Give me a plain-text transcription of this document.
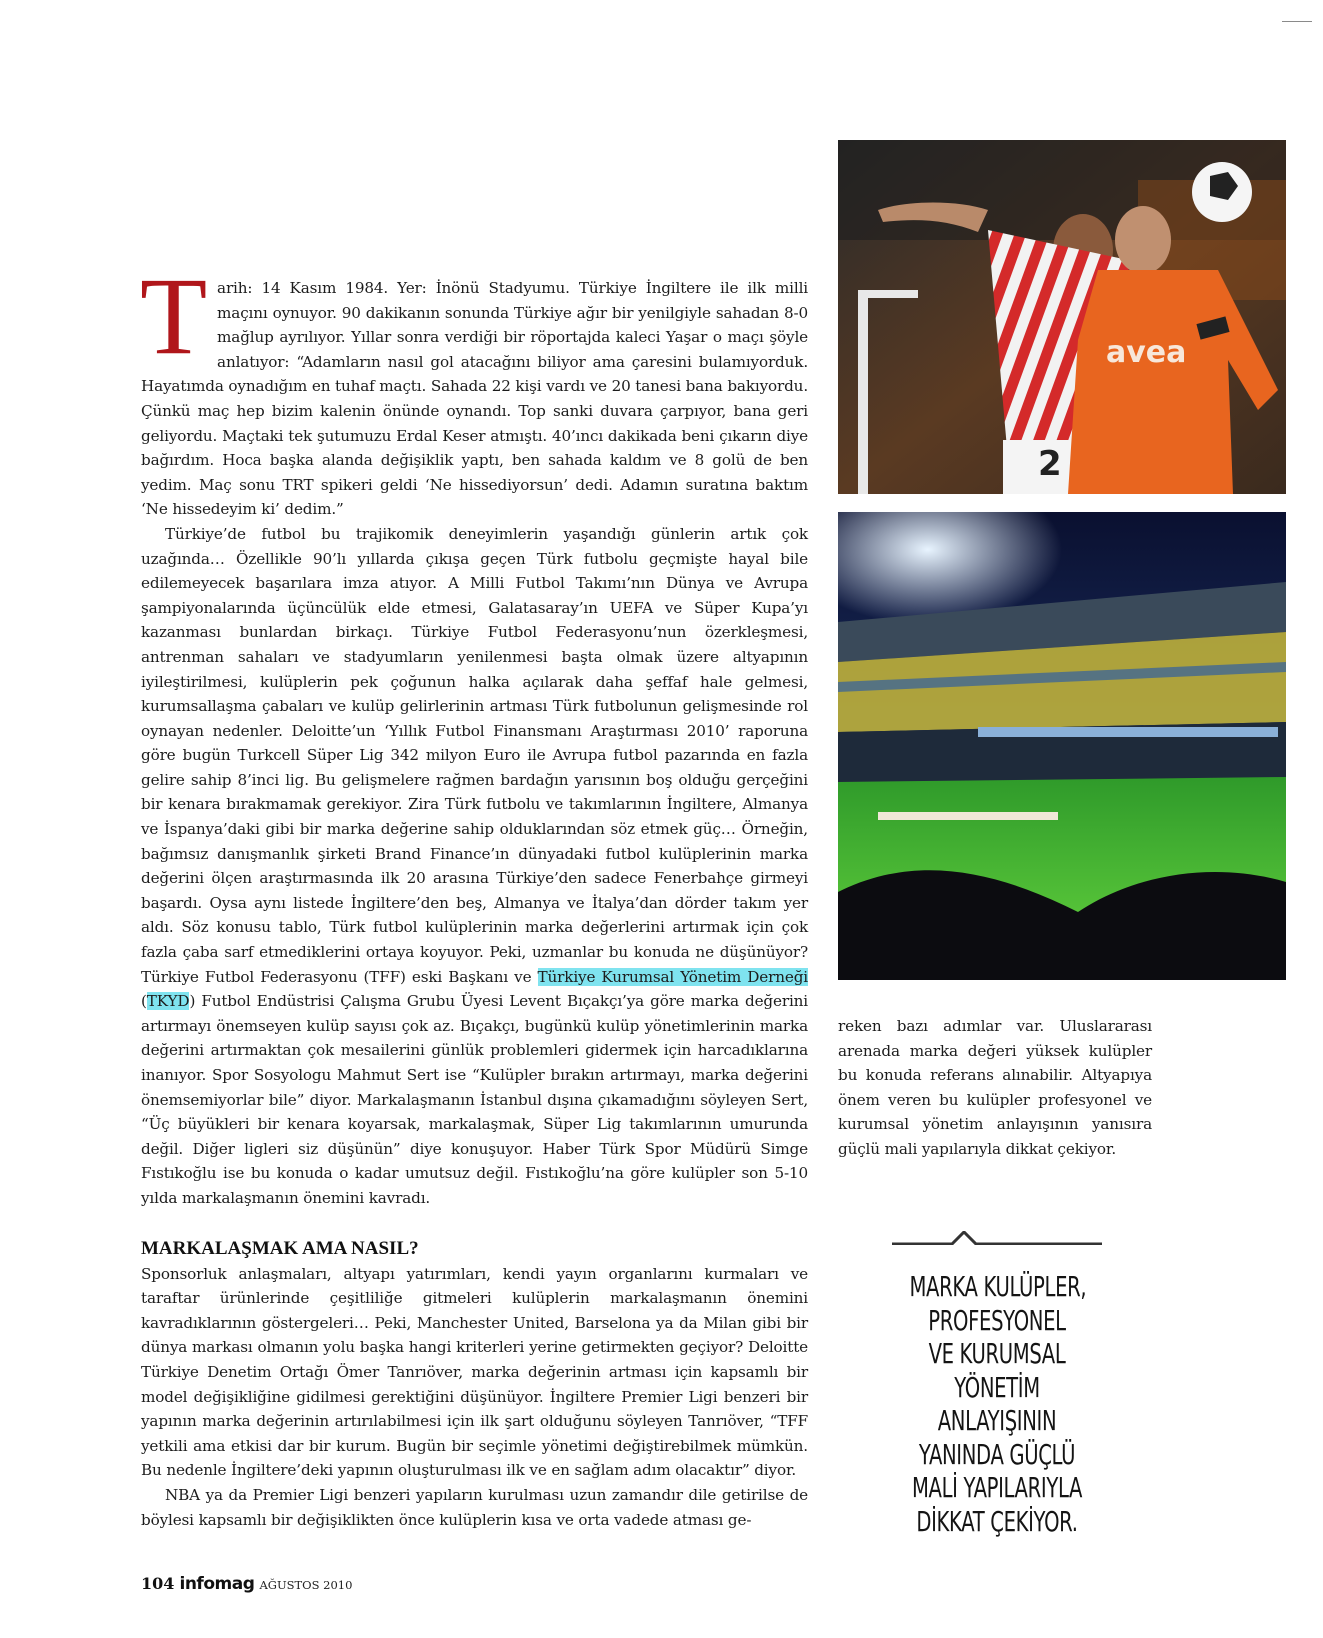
Tarih: 14 Kasım 1984. Yer: İnönü Stadyumu. Türkiye İngiltere ile ilk milli maçını oynuyor. 90 dakikanın sonunda Türkiye ağır bir yenilgiyle sahadan 8-0 mağlup ayrılıyor. Yıllar sonra verdiği bir röportajda kaleci Yaşar o maçı şöyle anlatıyor: “Adamların nasıl gol atacağını biliyor ama çaresini bulamıyorduk. Hayatımda oynadığım en tuhaf maçtı. Sahada 22 kişi vardı ve 20 tanesi bana bakıyordu. Çünkü maç hep bizim kalenin önünde oynandı. Top sanki duvara çarpıyor, bana geri geliyordu. Maçtaki tek şutumuzu Erdal Keser atmıştı. 40’ıncı dakikada beni çıkarın diye bağırdım. Hoca başka alanda değişiklik yaptı, ben sahada kaldım ve 8 golü de ben yedim. Maç sonu TRT spikeri geldi ‘Ne hissediyorsun’ dedi. Adamın suratına baktım ‘Ne hissedeyim ki’ dedim.”

Türkiye’de futbol bu trajikomik deneyimlerin yaşandığı günlerin artık çok uzağında… Özellikle 90’lı yıllarda çıkışa geçen Türk futbolu geçmişte hayal bile edilemeyecek başarılara imza atıyor. A Milli Futbol Takımı’nın Dünya ve Avrupa şampiyonalarında üçüncülük elde etmesi, Galatasaray’ın UEFA ve Süper Kupa’yı kazanması bunlardan birkaçı. Türkiye Futbol Federasyonu’nun özerkleşmesi, antrenman sahaları ve stadyumların yenilenmesi başta olmak üzere altyapının iyileştirilmesi, kulüplerin pek çoğunun halka açılarak daha şeffaf hale gelmesi, kurumsallaşma çabaları ve kulüp gelirlerinin artması Türk futbolunun gelişmesinde rol oynayan nedenler. Deloitte’un ‘Yıllık Futbol Finansmanı Araştırması 2010’ raporuna göre bugün Turkcell Süper Lig 342 milyon Euro ile Avrupa futbol pazarında en fazla gelire sahip 8’inci lig. Bu gelişmelere rağmen bardağın yarısının boş olduğu gerçeğini bir kenara bırakmamak gerekiyor. Zira Türk futbolu ve takımlarının İngiltere, Almanya ve İspanya’daki gibi bir marka değerine sahip olduklarından söz etmek güç… Örneğin, bağımsız danışmanlık şirketi Brand Finance’ın dünyadaki futbol kulüplerinin marka değerini ölçen araştırmasında ilk 20 arasına Türkiye’den sadece Fenerbahçe girmeyi başardı. Oysa aynı listede İngiltere’den beş, Almanya ve İtalya’dan dörder takım yer aldı. Söz konusu tablo, Türk futbol kulüplerinin marka değerlerini artırmak için çok fazla çaba sarf etmediklerini ortaya koyuyor. Peki, uzmanlar bu konuda ne düşünüyor? Türkiye Futbol Federasyonu (TFF) eski Başkanı ve Türkiye Kurumsal Yönetim Derneği (TKYD) Futbol Endüstrisi Çalışma Grubu Üyesi Levent Bıçakçı’ya göre marka değerini artırmayı önemseyen kulüp sayısı çok az. Bıçakçı, bugünkü kulüp yönetimlerinin marka değerini artırmaktan çok mesailerini günlük problemleri gidermek için harcadıklarına inanıyor. Spor Sosyologu Mahmut Sert ise “Kulüpler bırakın artırmayı, marka değerini önemsemiyorlar bile” diyor. Markalaşmanın İstanbul dışına çıkamadığını söyleyen Sert, “Üç büyükleri bir kenara koyarsak, markalaşmak, Süper Lig takımlarının umurunda değil. Diğer ligleri siz düşünün” diye konuşuyor. Haber Türk Spor Müdürü Simge Fıstıkoğlu ise bu konuda o kadar umutsuz değil. Fıstıkoğlu’na göre kulüpler son 5-10 yılda markalaşmanın önemini kavradı.

MARKALAŞMAK AMA NASIL?

Sponsorluk anlaşmaları, altyapı yatırımları, kendi yayın organlarını kurmaları ve taraftar ürünlerinde çeşitliliğe gitmeleri kulüplerin markalaşmanın önemini kavradıklarının göstergeleri… Peki, Manchester United, Barselona ya da Milan gibi bir dünya markası olmanın yolu başka hangi kriterleri yerine getirmekten geçiyor? Deloitte Türkiye Denetim Ortağı Ömer Tanrıöver, marka değerinin artması için kapsamlı bir model değişikliğine gidilmesi gerektiğini düşünüyor. İngiltere Premier Ligi benzeri bir yapının marka değerinin artırılabilmesi için ilk şart olduğunu söyleyen Tanrıöver, “TFF yetkili ama etkisi dar bir kurum. Bugün bir seçimle yönetimi değiştirebilmek mümkün. Bu nedenle İngiltere’deki yapının oluşturulması ilk ve en sağlam adım olacaktır” diyor.

NBA ya da Premier Ligi benzeri yapıların kurulması uzun zamandır dile getirilse de böylesi kapsamlı bir değişiklikten önce kulüplerin kısa ve orta vadede atması ge-

2
avea

reken bazı adımlar var. Uluslararası arenada marka değeri yüksek kulüpler bu konuda referans alınabilir. Altyapıya önem veren bu kulüpler profesyonel ve kurumsal yönetim anlayışının yanısıra güçlü mali yapılarıyla dikkat çekiyor.

MARKA KULÜPLER,
PROFESYONEL
VE KURUMSAL
YÖNETİM
ANLAYIŞININ
YANINDA GÜÇLÜ
MALİ YAPILARIYLA
DİKKAT ÇEKİYOR.
104 infomag AĞUSTOS 2010
